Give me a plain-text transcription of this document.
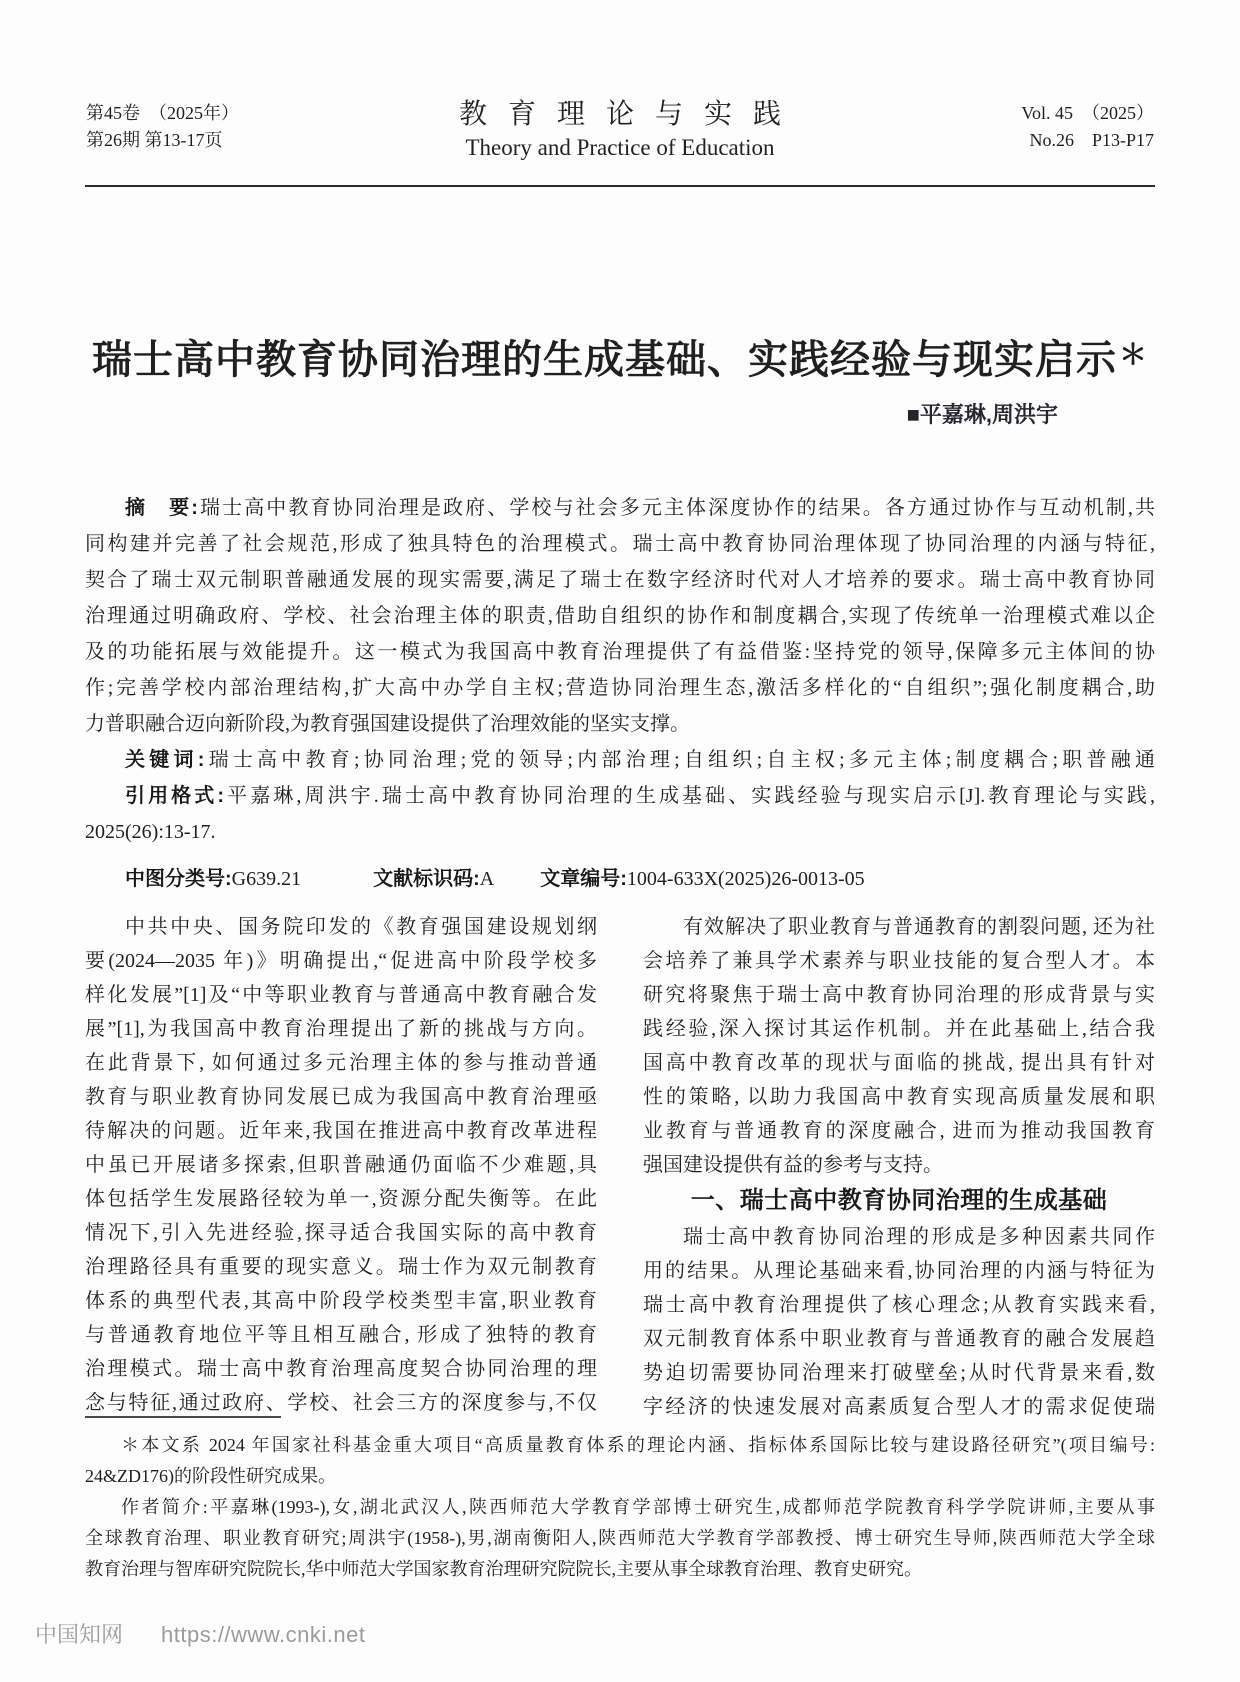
第45卷　（2025年）
第26期 第13-17页
教育理论与实践
Theory and Practice of Education
Vol. 45　（2025）
No.26　P13-P17
瑞士高中教育协同治理的生成基础、实践经验与现实启示＊
■平嘉琳,周洪宇
摘　要:瑞士高中教育协同治理是政府、学校与社会多元主体深度协作的结果。各方通过协作与互动机制,共
同构建并完善了社会规范,形成了独具特色的治理模式。瑞士高中教育协同治理体现了协同治理的内涵与特征,
契合了瑞士双元制职普融通发展的现实需要,满足了瑞士在数字经济时代对人才培养的要求。瑞士高中教育协同
治理通过明确政府、学校、社会治理主体的职责,借助自组织的协作和制度耦合,实现了传统单一治理模式难以企
及的功能拓展与效能提升。这一模式为我国高中教育治理提供了有益借鉴:坚持党的领导,保障多元主体间的协
作;完善学校内部治理结构,扩大高中办学自主权;营造协同治理生态,激活多样化的“自组织”;强化制度耦合,助
力普职融合迈向新阶段,为教育强国建设提供了治理效能的坚实支撑。
关键词:瑞士高中教育;协同治理;党的领导;内部治理;自组织;自主权;多元主体;制度耦合;职普融通
引用格式:平嘉琳,周洪宇.瑞士高中教育协同治理的生成基础、实践经验与现实启示[J].教育理论与实践,
2025(26):13-17.
中图分类号:G639.21	文献标识码:A 文章编号:1004-633X(2025)26-0013-05
中共中央、国务院印发的《教育强国建设规划纲
要(2024—2035 年)》明确提出,“促进高中阶段学校多
样化发展”[1]及“中等职业教育与普通高中教育融合发
展”[1],为我国高中教育治理提出了新的挑战与方向。
在此背景下, 如何通过多元治理主体的参与推动普通
教育与职业教育协同发展已成为我国高中教育治理亟
待解决的问题。近年来,我国在推进高中教育改革进程
中虽已开展诸多探索,但职普融通仍面临不少难题,具
体包括学生发展路径较为单一,资源分配失衡等。在此
情况下,引入先进经验,探寻适合我国实际的高中教育
治理路径具有重要的现实意义。瑞士作为双元制教育
体系的典型代表,其高中阶段学校类型丰富,职业教育
与普通教育地位平等且相互融合, 形成了独特的教育
治理模式。瑞士高中教育治理高度契合协同治理的理
念与特征,通过政府、学校、社会三方的深度参与,不仅
有效解决了职业教育与普通教育的割裂问题, 还为社
会培养了兼具学术素养与职业技能的复合型人才。本
研究将聚焦于瑞士高中教育协同治理的形成背景与实
践经验,深入探讨其运作机制。并在此基础上,结合我
国高中教育改革的现状与面临的挑战, 提出具有针对
性的策略, 以助力我国高中教育实现高质量发展和职
业教育与普通教育的深度融合, 进而为推动我国教育
强国建设提供有益的参考与支持。
一、瑞士高中教育协同治理的生成基础
瑞士高中教育协同治理的形成是多种因素共同作
用的结果。从理论基础来看,协同治理的内涵与特征为
瑞士高中教育治理提供了核心理念;从教育实践来看,
双元制教育体系中职业教育与普通教育的融合发展趋
势迫切需要协同治理来打破壁垒;从时代背景来看,数
字经济的快速发展对高素质复合型人才的需求促使瑞
＊本文系 2024 年国家社科基金重大项目“高质量教育体系的理论内涵、指标体系国际比较与建设路径研究”(项目编号:
24&ZD176)的阶段性研究成果。
作者简介:平嘉琳(1993-),女,湖北武汉人,陕西师范大学教育学部博士研究生,成都师范学院教育科学学院讲师,主要从事
全球教育治理、职业教育研究;周洪宇(1958-),男,湖南衡阳人,陕西师范大学教育学部教授、博士研究生导师,陕西师范大学全球
教育治理与智库研究院院长,华中师范大学国家教育治理研究院院长,主要从事全球教育治理、教育史研究。
中国知网 https://www.cnki.net
